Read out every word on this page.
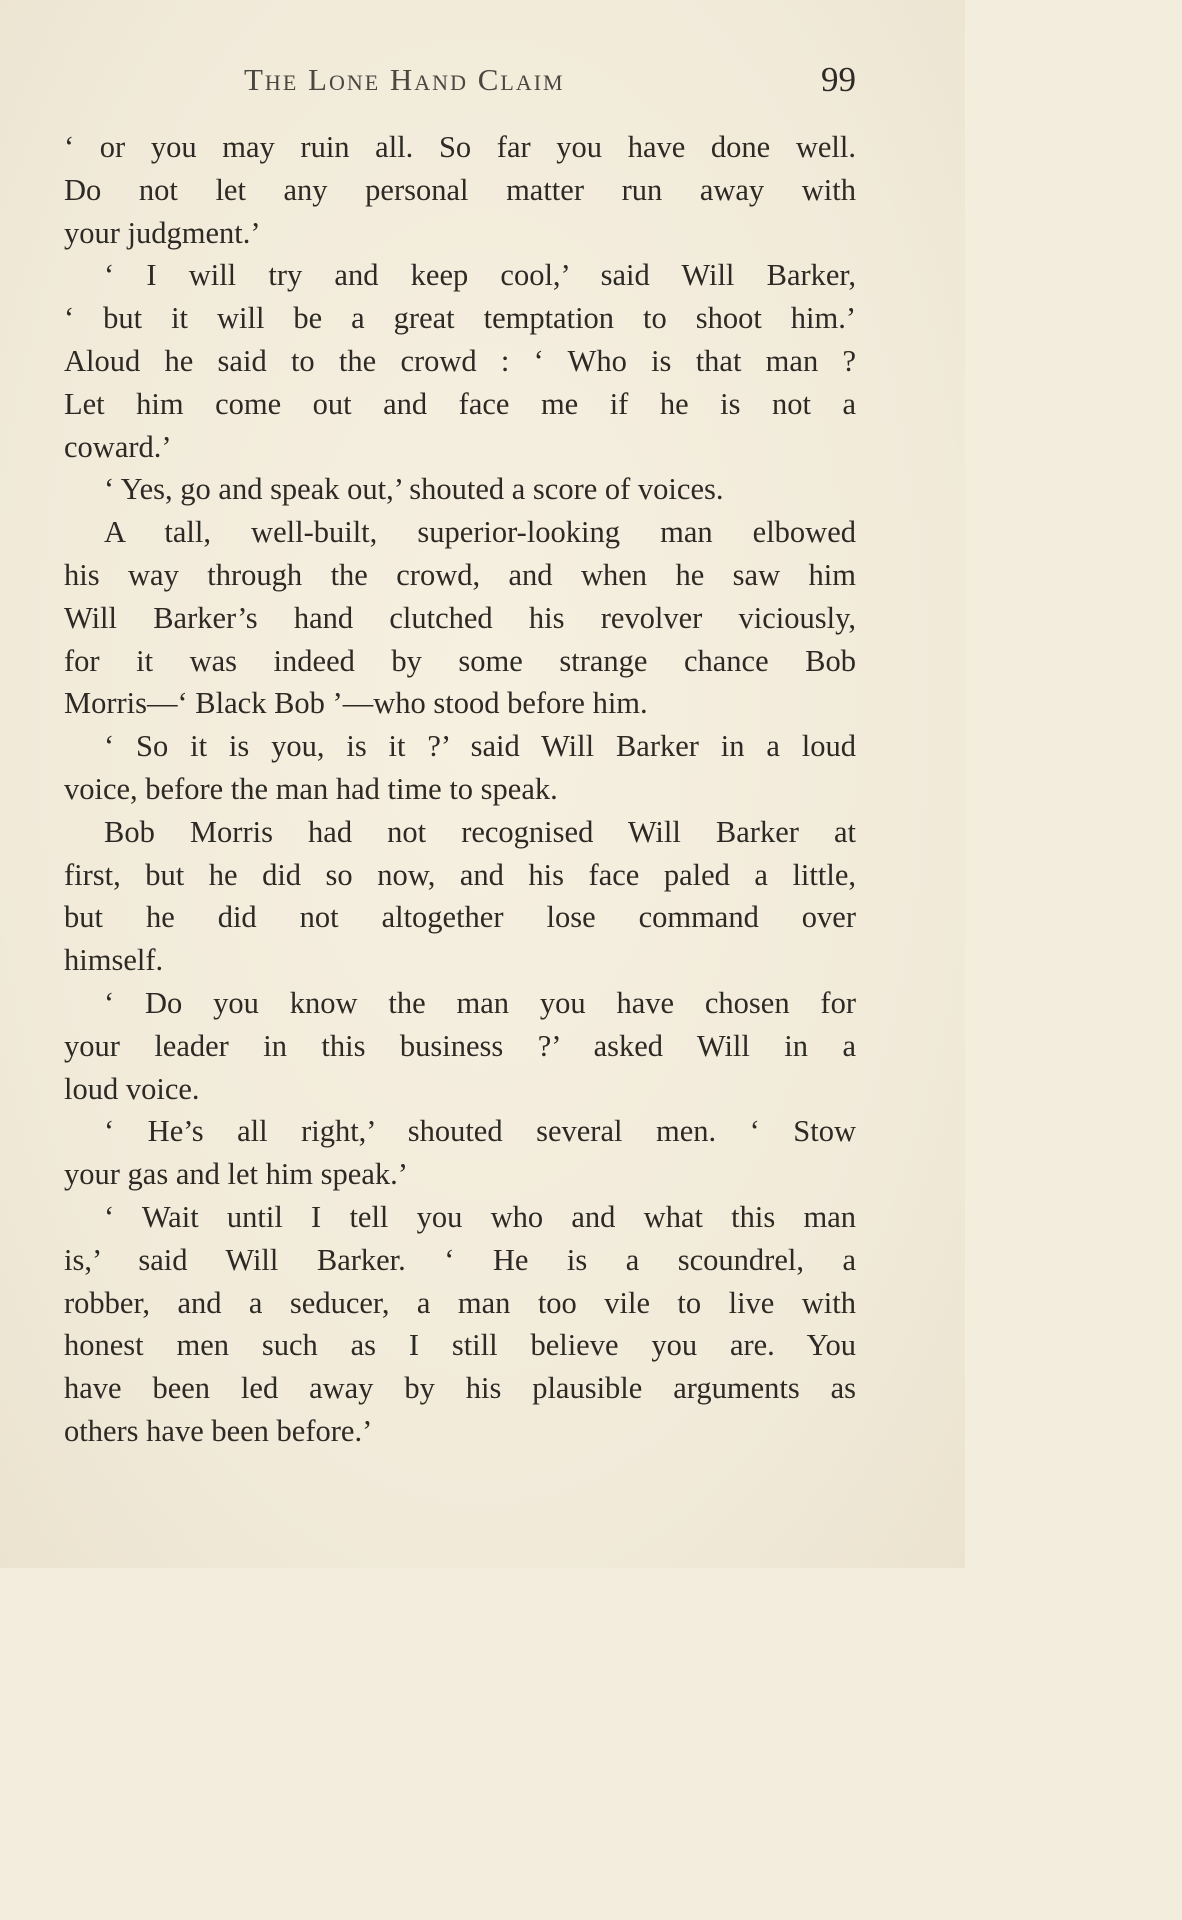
The Lone Hand Claim	99
‘ or you may ruin all. So far you have done well.
Do not let any personal matter run away with
your judgment.’
‘ I will try and keep cool,’ said Will Barker,
‘ but it will be a great temptation to shoot him.’
Aloud he said to the crowd : ‘ Who is that man ?
Let him come out and face me if he is not a
coward.’
‘ Yes, go and speak out,’ shouted a score of voices.
A tall, well-built, superior-looking man elbowed
his way through the crowd, and when he saw him
Will Barker’s hand clutched his revolver viciously,
for it was indeed by some strange chance Bob
Morris—‘ Black Bob ’—who stood before him.
‘ So it is you, is it ?’ said Will Barker in a loud
voice, before the man had time to speak.
Bob Morris had not recognised Will Barker at
first, but he did so now, and his face paled a little,
but he did not altogether lose command over
himself.
‘ Do you know the man you have chosen for
your leader in this business ?’ asked Will in a
loud voice.
‘ He’s all right,’ shouted several men. ‘ Stow
your gas and let him speak.’
‘ Wait until I tell you who and what this man
is,’ said Will Barker. ‘ He is a scoundrel, a
robber, and a seducer, a man too vile to live with
honest men such as I still believe you are. You
have been led away by his plausible arguments as
others have been before.’
